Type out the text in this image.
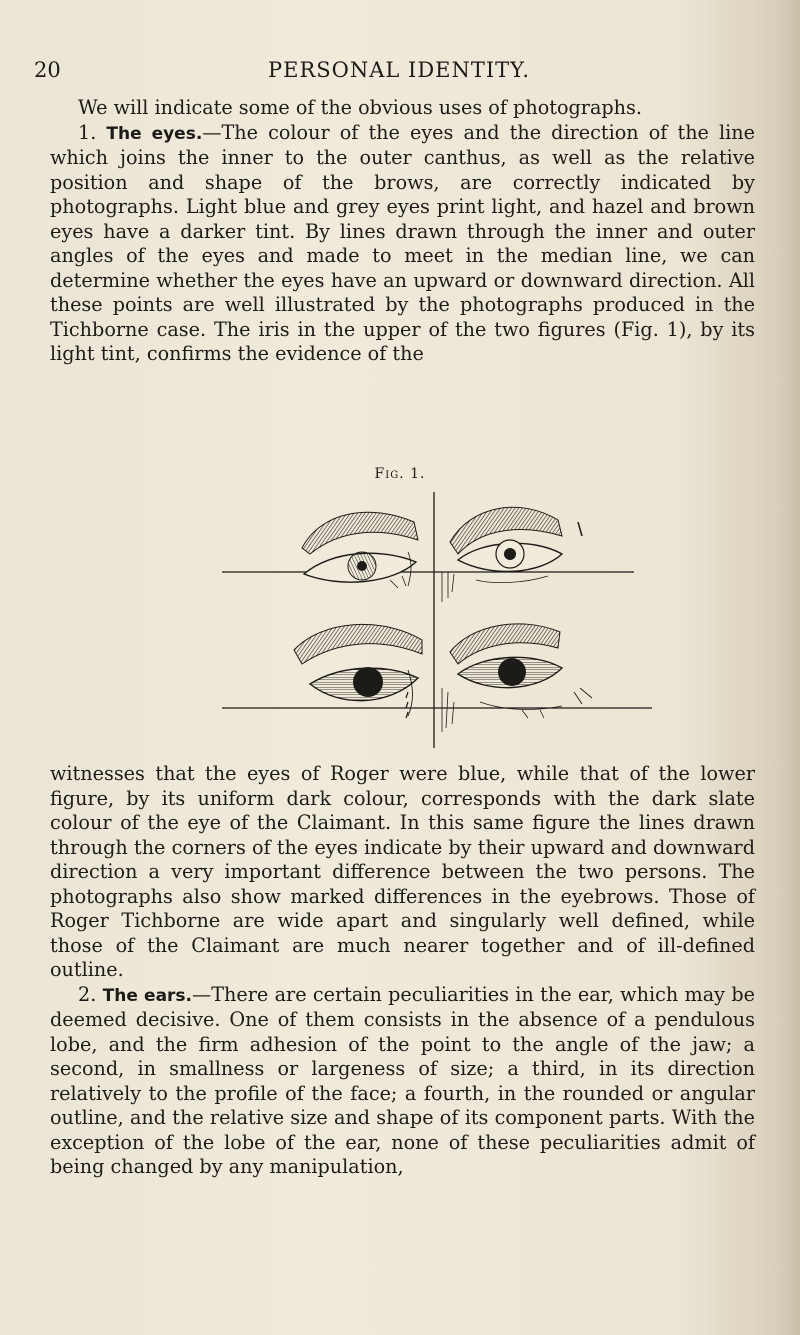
20	PERSONAL IDENTITY.

We will indicate some of the obvious uses of photographs.

1. The eyes.—The colour of the eyes and the direction of the line which joins the inner to the outer canthus, as well as the relative position and shape of the brows, are correctly indicated by photographs. Light blue and grey eyes print light, and hazel and brown eyes have a darker tint. By lines drawn through the inner and outer angles of the eyes and made to meet in the median line, we can determine whether the eyes have an upward or downward direction. All these points are well illustrated by the photographs produced in the Tichborne case. The iris in the upper of the two figures (Fig. 1), by its light tint, confirms the evidence of the

Fig. 1.

witnesses that the eyes of Roger were blue, while that of the lower figure, by its uniform dark colour, corresponds with the dark slate colour of the eye of the Claimant. In this same figure the lines drawn through the corners of the eyes indicate by their upward and downward direction a very important difference between the two persons. The photographs also show marked differences in the eyebrows. Those of Roger Tichborne are wide apart and singularly well defined, while those of the Claimant are much nearer together and of ill-defined outline.

2. The ears.—There are certain peculiarities in the ear, which may be deemed decisive. One of them consists in the absence of a pendulous lobe, and the firm adhesion of the point to the angle of the jaw; a second, in smallness or largeness of size; a third, in its direction relatively to the profile of the face; a fourth, in the rounded or angular outline, and the relative size and shape of its component parts. With the exception of the lobe of the ear, none of these peculiarities admit of being changed by any manipulation,
